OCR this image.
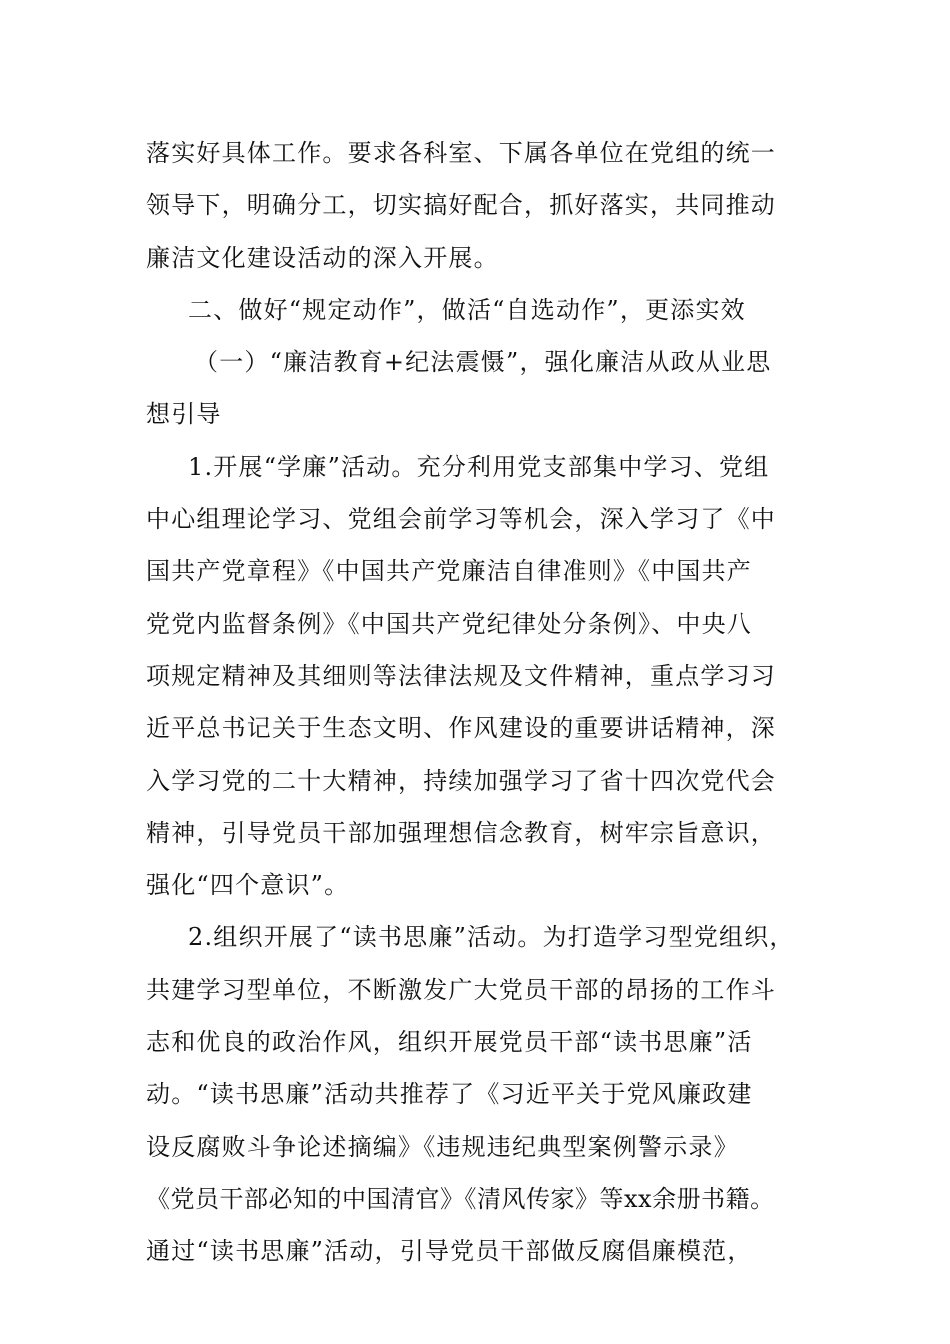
落实好具体工作。要求各科室、下属各单位在党组的统一
领导下，明确分工，切实搞好配合，抓好落实，共同推动
廉洁文化建设活动的深入开展。
二、做好“规定动作”，做活“自选动作”，更添实效
（一）“廉洁教育+纪法震慑”，强化廉洁从政从业思
想引导
1.开展“学廉”活动。充分利用党支部集中学习、党组
中心组理论学习、党组会前学习等机会，深入学习了《中
国共产党章程》《中国共产党廉洁自律准则》《中国共产
党党内监督条例》《中国共产党纪律处分条例》、中央八
项规定精神及其细则等法律法规及文件精神，重点学习习
近平总书记关于生态文明、作风建设的重要讲话精神，深
入学习党的二十大精神，持续加强学习了省十四次党代会
精神，引导党员干部加强理想信念教育，树牢宗旨意识，
强化“四个意识”。
2.组织开展了“读书思廉”活动。为打造学习型党组织，
共建学习型单位，不断激发广大党员干部的昂扬的工作斗
志和优良的政治作风，组织开展党员干部“读书思廉”活
动。“读书思廉”活动共推荐了《习近平关于党风廉政建
设反腐败斗争论述摘编》《违规违纪典型案例警示录》
《党员干部必知的中国清官》《清风传家》等xx余册书籍。
通过“读书思廉”活动，引导党员干部做反腐倡廉模范，
